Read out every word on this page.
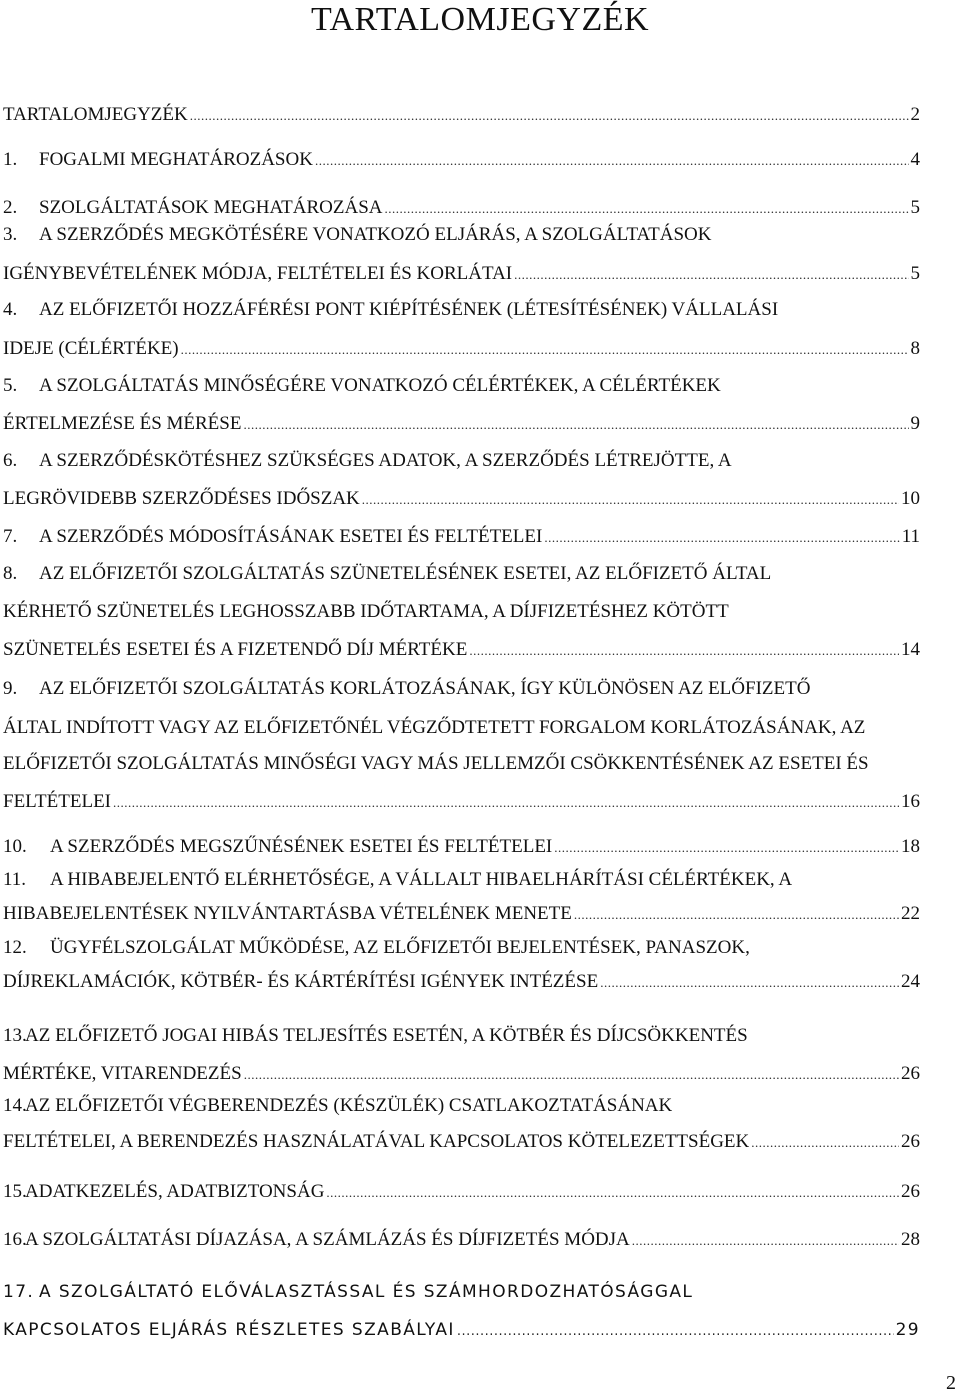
TARTALOMJEGYZÉK
TARTALOMJEGYZÉK .....	2
1.	FOGALMI MEGHATÁROZÁSOK .....	4
2.	SZOLGÁLTATÁSOK MEGHATÁROZÁSA .....	5
3.	A SZERZŐDÉS MEGKÖTÉSÉRE VONATKOZÓ ELJÁRÁS, A SZOLGÁLTATÁSOK
IGÉNYBEVÉTELÉNEK MÓDJA, FELTÉTELEI ÉS KORLÁTAI .....	5
4.	AZ ELŐFIZETŐI HOZZÁFÉRÉSI PONT KIÉPÍTÉSÉNEK (LÉTESÍTÉSÉNEK) VÁLLALÁSI
IDEJE (CÉLÉRTÉKE) .....	8
5.	A SZOLGÁLTATÁS MINŐSÉGÉRE VONATKOZÓ CÉLÉRTÉKEK, A CÉLÉRTÉKEK
ÉRTELMEZÉSE ÉS MÉRÉSE .....	9
6.	A SZERZŐDÉSKÖTÉSHEZ SZÜKSÉGES ADATOK, A SZERZŐDÉS LÉTREJÖTTE, A
LEGRÖVIDEBB SZERZŐDÉSES IDŐSZAK .....	10
7.	A SZERZŐDÉS MÓDOSÍTÁSÁNAK ESETEI ÉS FELTÉTELEI .....	11
8.	AZ ELŐFIZETŐI SZOLGÁLTATÁS SZÜNETELÉSÉNEK ESETEI, AZ ELŐFIZETŐ ÁLTAL
KÉRHETŐ SZÜNETELÉS LEGHOSSZABB IDŐTARTAMA, A DÍJFIZETÉSHEZ KÖTÖTT
SZÜNETELÉS ESETEI ÉS A FIZETENDŐ DÍJ MÉRTÉKE .....	14
9.	AZ ELŐFIZETŐI SZOLGÁLTATÁS KORLÁTOZÁSÁNAK, ÍGY KÜLÖNÖSEN AZ ELŐFIZETŐ
ÁLTAL INDÍTOTT VAGY AZ ELŐFIZETŐNÉL VÉGZŐDTETETT FORGALOM KORLÁTOZÁSÁNAK, AZ
ELŐFIZETŐI SZOLGÁLTATÁS MINŐSÉGI VAGY MÁS JELLEMZŐI CSÖKKENTÉSÉNEK AZ ESETEI ÉS
FELTÉTELEI .....	16
10.	A SZERZŐDÉS MEGSZŰNÉSÉNEK ESETEI ÉS FELTÉTELEI .....	18
11.	A HIBABEJELENTŐ ELÉRHETŐSÉGE, A VÁLLALT HIBAELHÁRÍTÁSI CÉLÉRTÉKEK, A
HIBABEJELENTÉSEK NYILVÁNTARTÁSBA VÉTELÉNEK MENETE .....	22
12.	ÜGYFÉLSZOLGÁLAT MŰKÖDÉSE, AZ ELŐFIZETŐI BEJELENTÉSEK, PANASZOK,
DÍJREKLAMÁCIÓK, KÖTBÉR- ÉS KÁRTÉRÍTÉSI IGÉNYEK INTÉZÉSE .....	24
13.
AZ ELŐFIZETŐ JOGAI HIBÁS TELJESÍTÉS ESETÉN, A KÖTBÉR ÉS DÍJCSÖKKENTÉS
MÉRTÉKE, VITARENDEZÉS .....	26
14.
AZ ELŐFIZETŐI VÉGBERENDEZÉS (KÉSZÜLÉK) CSATLAKOZTATÁSÁNAK
FELTÉTELEI, A BERENDEZÉS HASZNÁLATÁVAL KAPCSOLATOS KÖTELEZETTSÉGEK .....	26
15.
ADATKEZELÉS, ADATBIZTONSÁG .....	26
16.
A SZOLGÁLTATÁSI DÍJAZÁSA, A SZÁMLÁZÁS ÉS DÍJFIZETÉS MÓDJA .....	28
17. A SZOLGÁLTATÓ ELŐVÁLASZTÁSSAL ÉS SZÁMHORDOZHATÓSÁGGAL
KAPCSOLATOS ELJÁRÁS RÉSZLETES SZABÁLYAI .....	29
2
